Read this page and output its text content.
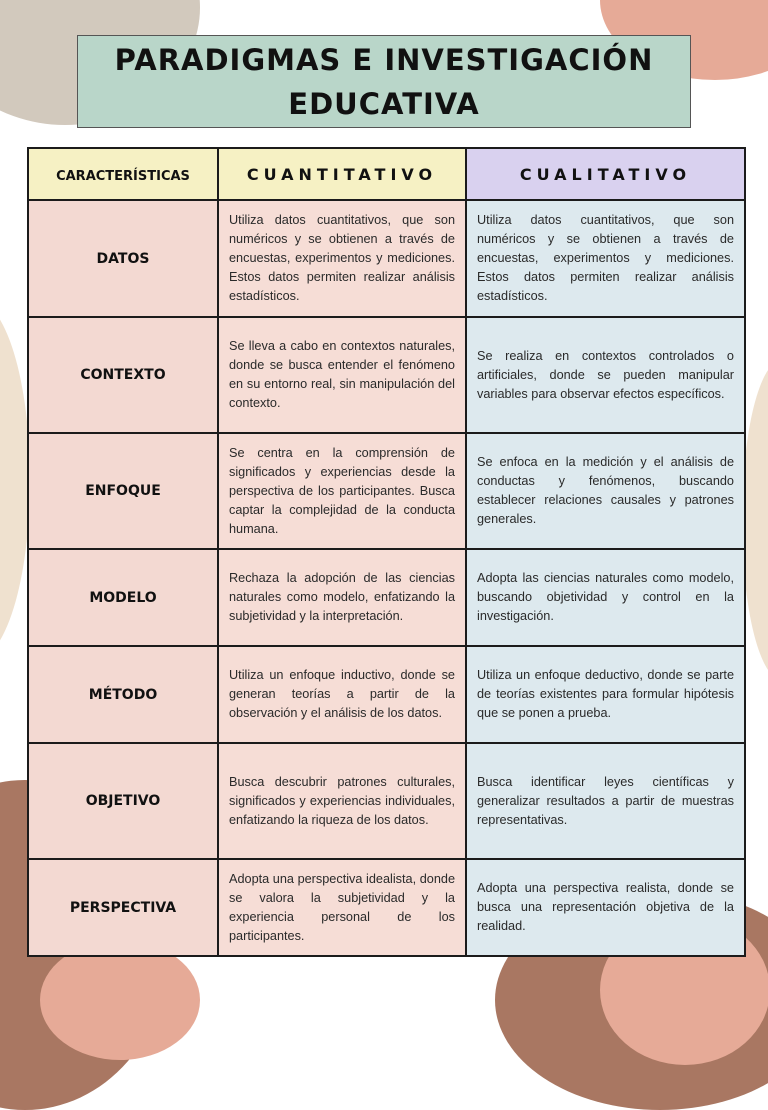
PARADIGMAS E INVESTIGACIÓN
EDUCATIVA
CARACTERÍSTICAS	CUANTITATIVO	CUALITATIVO
DATOS	Utiliza datos cuantitativos, que son numéricos y se obtienen a través de encuestas, experimentos y mediciones. Estos datos permiten realizar análisis estadísticos.	Utiliza datos cuantitativos, que son numéricos y se obtienen a través de encuestas, experimentos y mediciones. Estos datos permiten realizar análisis estadísticos.

CONTEXTO	Se lleva a cabo en contextos naturales, donde se busca entender el fenómeno en su entorno real, sin manipulación del contexto.	Se realiza en contextos controlados o artificiales, donde se pueden manipular variables para observar efectos específicos.

ENFOQUE	Se centra en la comprensión de significados y experiencias desde la perspectiva de los participantes. Busca captar la complejidad de la conducta humana.	Se enfoca en la medición y el análisis de conductas y fenómenos, buscando establecer relaciones causales y patrones generales.

MODELO	Rechaza la adopción de las ciencias naturales como modelo, enfatizando la subjetividad y la interpretación.	Adopta las ciencias naturales como modelo, buscando objetividad y control en la investigación.

MÉTODO	Utiliza un enfoque inductivo, donde se generan teorías a partir de la observación y el análisis de los datos.	Utiliza un enfoque deductivo, donde se parte de teorías existentes para formular hipótesis que se ponen a prueba.

OBJETIVO	Busca descubrir patrones culturales, significados y experiencias individuales, enfatizando la riqueza de los datos.	Busca identificar leyes científicas y generalizar resultados a partir de muestras representativas.

PERSPECTIVA	Adopta una perspectiva idealista, donde se valora la subjetividad y la experiencia personal de los participantes.	Adopta una perspectiva realista, donde se busca una representación objetiva de la realidad.
